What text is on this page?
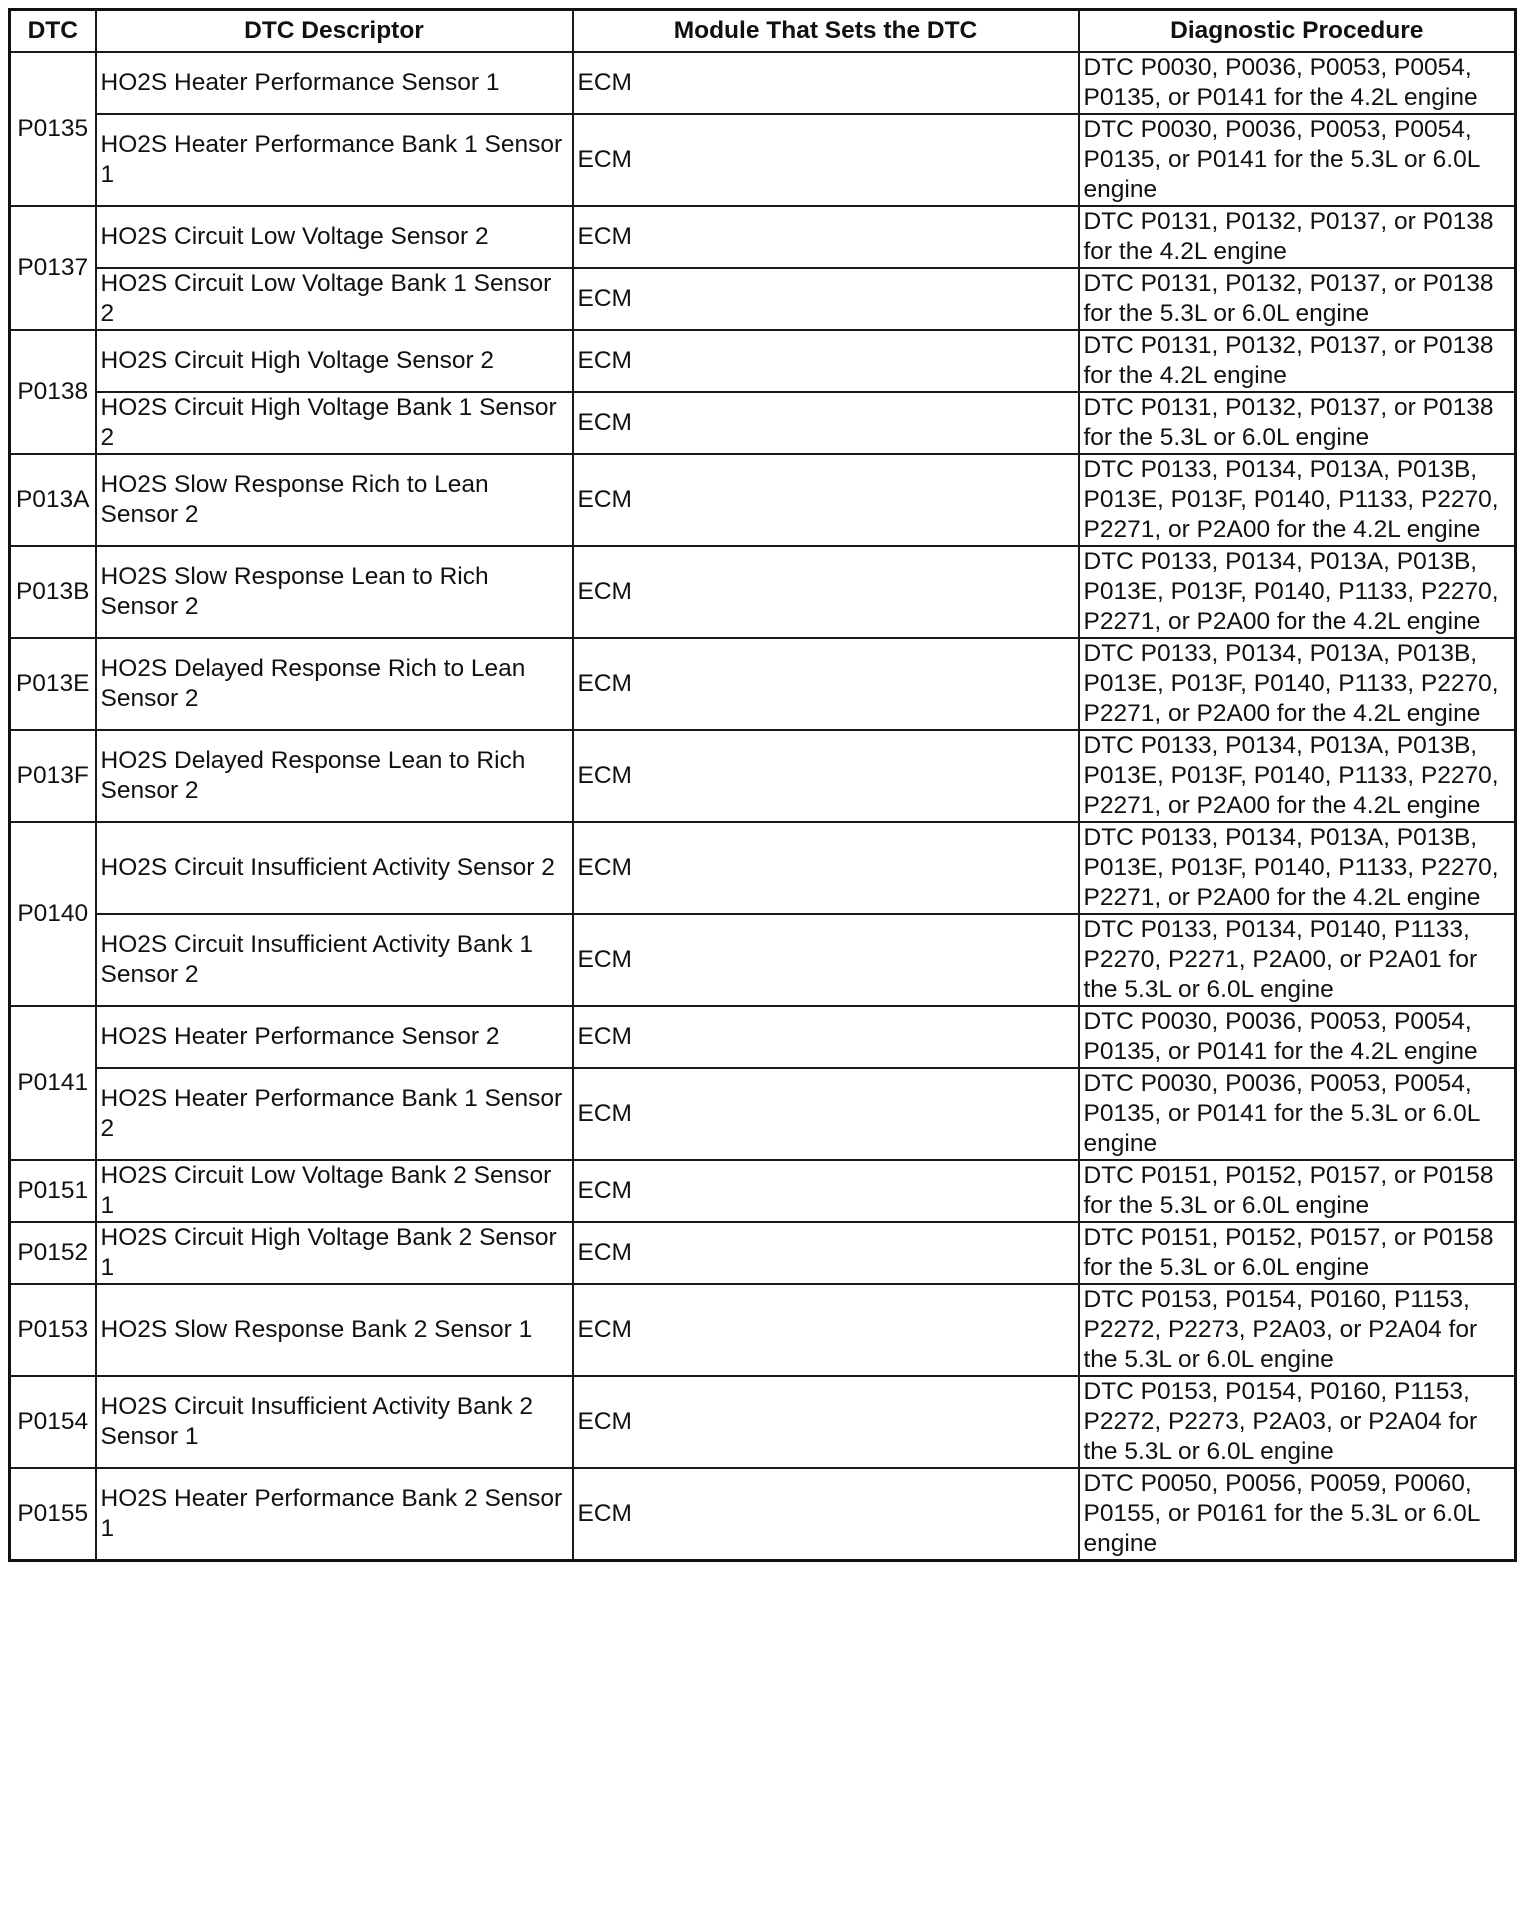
DTC	DTC Descriptor	Module That Sets the DTC	Diagnostic Procedure
P0135	HO2S Heater Performance Sensor 1	ECM	DTC P0030, P0036, P0053, P0054, P0135, or P0141 for the 4.2L engine
	HO2S Heater Performance Bank 1 Sensor 1	ECM	DTC P0030, P0036, P0053, P0054, P0135, or P0141 for the 5.3L or 6.0L engine
P0137	HO2S Circuit Low Voltage Sensor 2	ECM	DTC P0131, P0132, P0137, or P0138 for the 4.2L engine
	HO2S Circuit Low Voltage Bank 1 Sensor 2	ECM	DTC P0131, P0132, P0137, or P0138 for the 5.3L or 6.0L engine
P0138	HO2S Circuit High Voltage Sensor 2	ECM	DTC P0131, P0132, P0137, or P0138 for the 4.2L engine
	HO2S Circuit High Voltage Bank 1 Sensor 2	ECM	DTC P0131, P0132, P0137, or P0138 for the 5.3L or 6.0L engine
P013A	HO2S Slow Response Rich to Lean Sensor 2	ECM	DTC P0133, P0134, P013A, P013B, P013E, P013F, P0140, P1133, P2270, P2271, or P2A00 for the 4.2L engine
P013B	HO2S Slow Response Lean to Rich Sensor 2	ECM	DTC P0133, P0134, P013A, P013B, P013E, P013F, P0140, P1133, P2270, P2271, or P2A00 for the 4.2L engine
P013E	HO2S Delayed Response Rich to Lean Sensor 2	ECM	DTC P0133, P0134, P013A, P013B, P013E, P013F, P0140, P1133, P2270, P2271, or P2A00 for the 4.2L engine
P013F	HO2S Delayed Response Lean to Rich Sensor 2	ECM	DTC P0133, P0134, P013A, P013B, P013E, P013F, P0140, P1133, P2270, P2271, or P2A00 for the 4.2L engine
P0140	HO2S Circuit Insufficient Activity Sensor 2	ECM	DTC P0133, P0134, P013A, P013B, P013E, P013F, P0140, P1133, P2270, P2271, or P2A00 for the 4.2L engine
	HO2S Circuit Insufficient Activity Bank 1 Sensor 2	ECM	DTC P0133, P0134, P0140, P1133, P2270, P2271, P2A00, or P2A01 for the 5.3L or 6.0L engine
P0141	HO2S Heater Performance Sensor 2	ECM	DTC P0030, P0036, P0053, P0054, P0135, or P0141 for the 4.2L engine
	HO2S Heater Performance Bank 1 Sensor 2	ECM	DTC P0030, P0036, P0053, P0054, P0135, or P0141 for the 5.3L or 6.0L engine
P0151	HO2S Circuit Low Voltage Bank 2 Sensor 1	ECM	DTC P0151, P0152, P0157, or P0158 for the 5.3L or 6.0L engine
P0152	HO2S Circuit High Voltage Bank 2 Sensor 1	ECM	DTC P0151, P0152, P0157, or P0158 for the 5.3L or 6.0L engine
P0153	HO2S Slow Response Bank 2 Sensor 1	ECM	DTC P0153, P0154, P0160, P1153, P2272, P2273, P2A03, or P2A04 for the 5.3L or 6.0L engine
P0154	HO2S Circuit Insufficient Activity Bank 2 Sensor 1	ECM	DTC P0153, P0154, P0160, P1153, P2272, P2273, P2A03, or P2A04 for the 5.3L or 6.0L engine
P0155	HO2S Heater Performance Bank 2 Sensor 1	ECM	DTC P0050, P0056, P0059, P0060, P0155, or P0161 for the 5.3L or 6.0L engine
